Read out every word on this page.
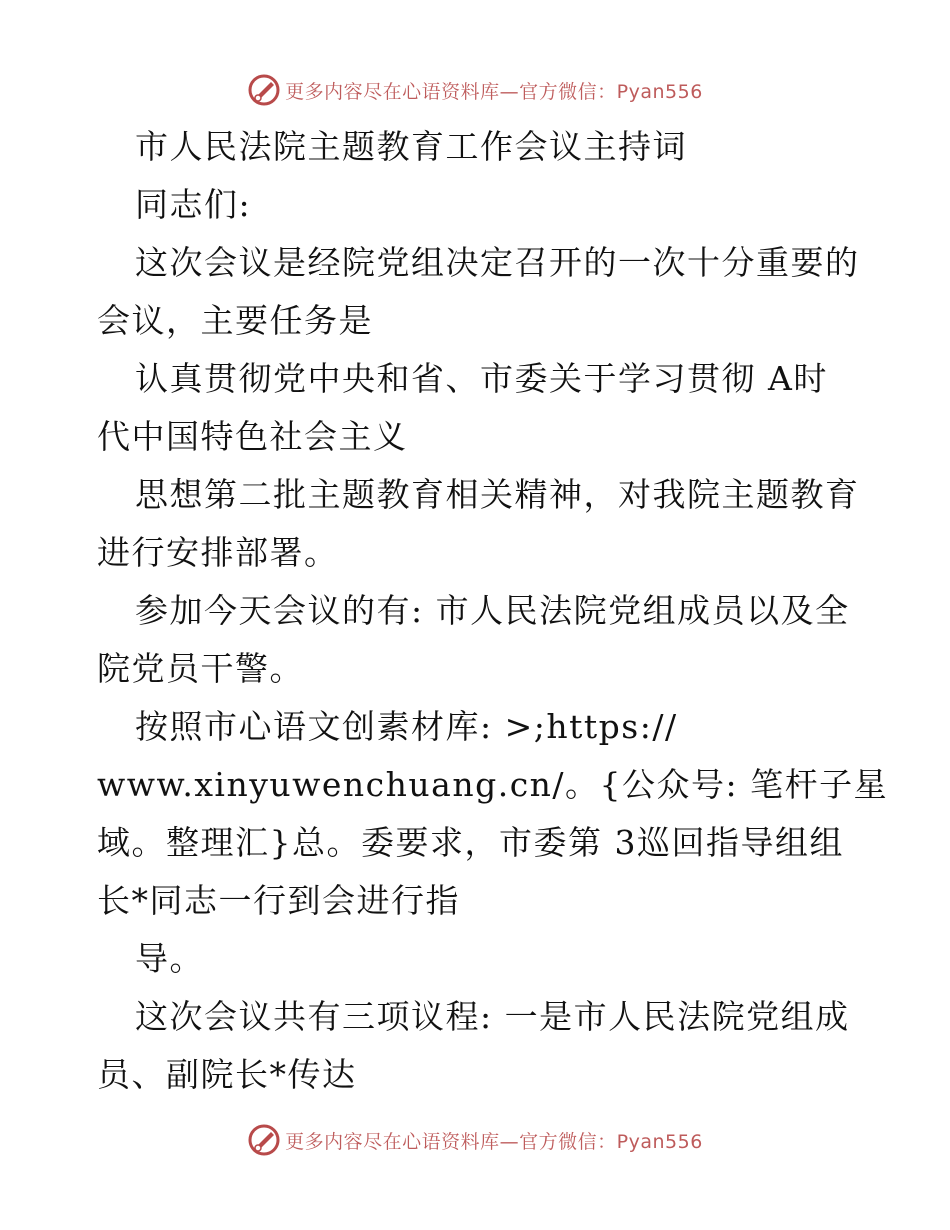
更多内容尽在心语资料库—官方微信：Pyan556
市人民法院主题教育工作会议主持词
同志们:
这次会议是经院党组决定召开的一次十分重要的
会议，主要任务是
认真贯彻党中央和省、市委关于学习贯彻 A时
代中国特色社会主义
思想第二批主题教育相关精神，对我院主题教育
进行安排部署。
参加今天会议的有: 市人民法院党组成员以及全
院党员干警。
按照市心语文创素材库: >;https://
www.xinyuwenchuang.cn/。{公众号: 笔杆子星
域。整理汇}总。委要求，市委第 3巡回指导组组
长*同志一行到会进行指
导。
这次会议共有三项议程: 一是市人民法院党组成
员、副院长*传达
更多内容尽在心语资料库—官方微信：Pyan556
